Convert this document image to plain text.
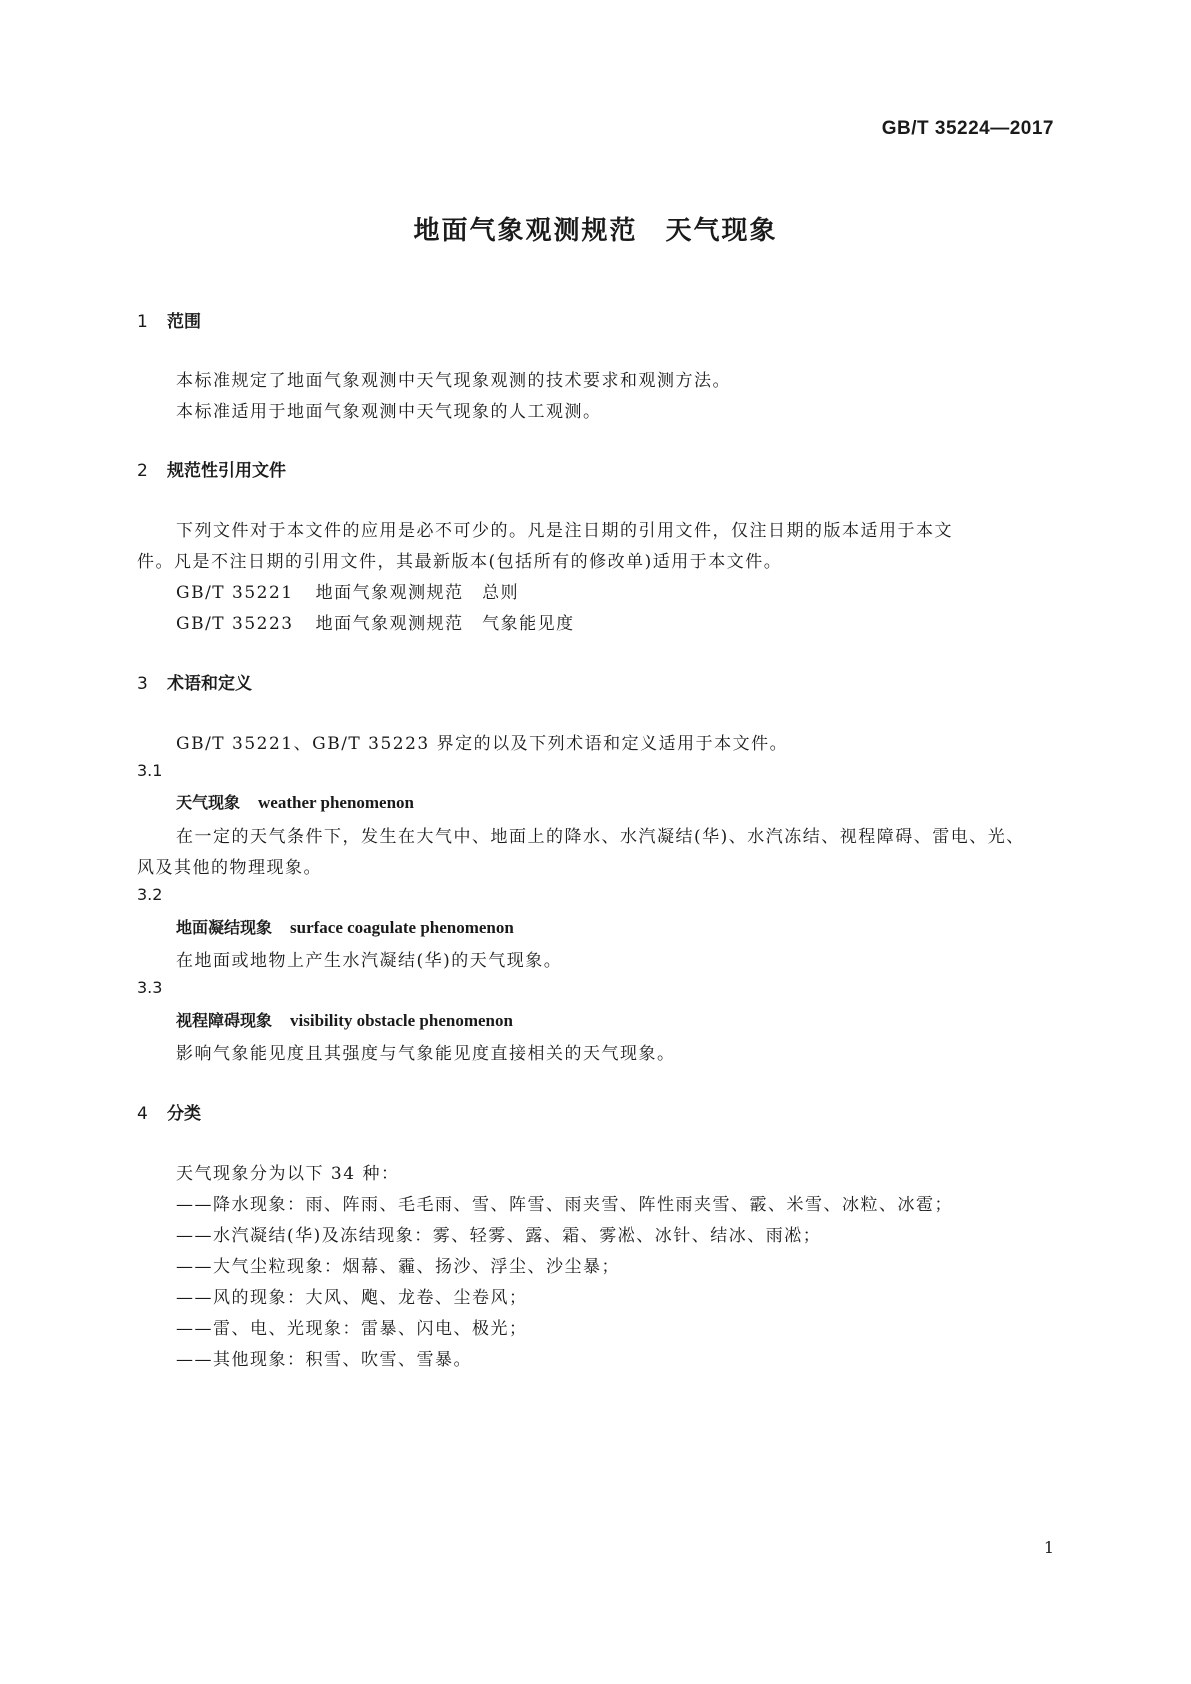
GB/T 35224—2017
地面气象观测规范　天气现象
1 范围
本标准规定了地面气象观测中天气现象观测的技术要求和观测方法。
本标准适用于地面气象观测中天气现象的人工观测。
2 规范性引用文件
下列文件对于本文件的应用是必不可少的。凡是注日期的引用文件，仅注日期的版本适用于本文
件。凡是不注日期的引用文件，其最新版本(包括所有的修改单)适用于本文件。
GB/T 35221 地面气象观测规范　总则
GB/T 35223 地面气象观测规范　气象能见度
3 术语和定义
GB/T 35221、GB/T 35223 界定的以及下列术语和定义适用于本文件。
3.1
天气现象 weather phenomenon
在一定的天气条件下，发生在大气中、地面上的降水、水汽凝结(华)、水汽冻结、视程障碍、雷电、光、
风及其他的物理现象。
3.2
地面凝结现象 surface coagulate phenomenon
在地面或地物上产生水汽凝结(华)的天气现象。
3.3
视程障碍现象 visibility obstacle phenomenon
影响气象能见度且其强度与气象能见度直接相关的天气现象。
4 分类
天气现象分为以下 34 种：
——降水现象：雨、阵雨、毛毛雨、雪、阵雪、雨夹雪、阵性雨夹雪、霰、米雪、冰粒、冰雹；
——水汽凝结(华)及冻结现象：雾、轻雾、露、霜、雾凇、冰针、结冰、雨凇；
——大气尘粒现象：烟幕、霾、扬沙、浮尘、沙尘暴；
——风的现象：大风、飑、龙卷、尘卷风；
——雷、电、光现象：雷暴、闪电、极光；
——其他现象：积雪、吹雪、雪暴。
1
